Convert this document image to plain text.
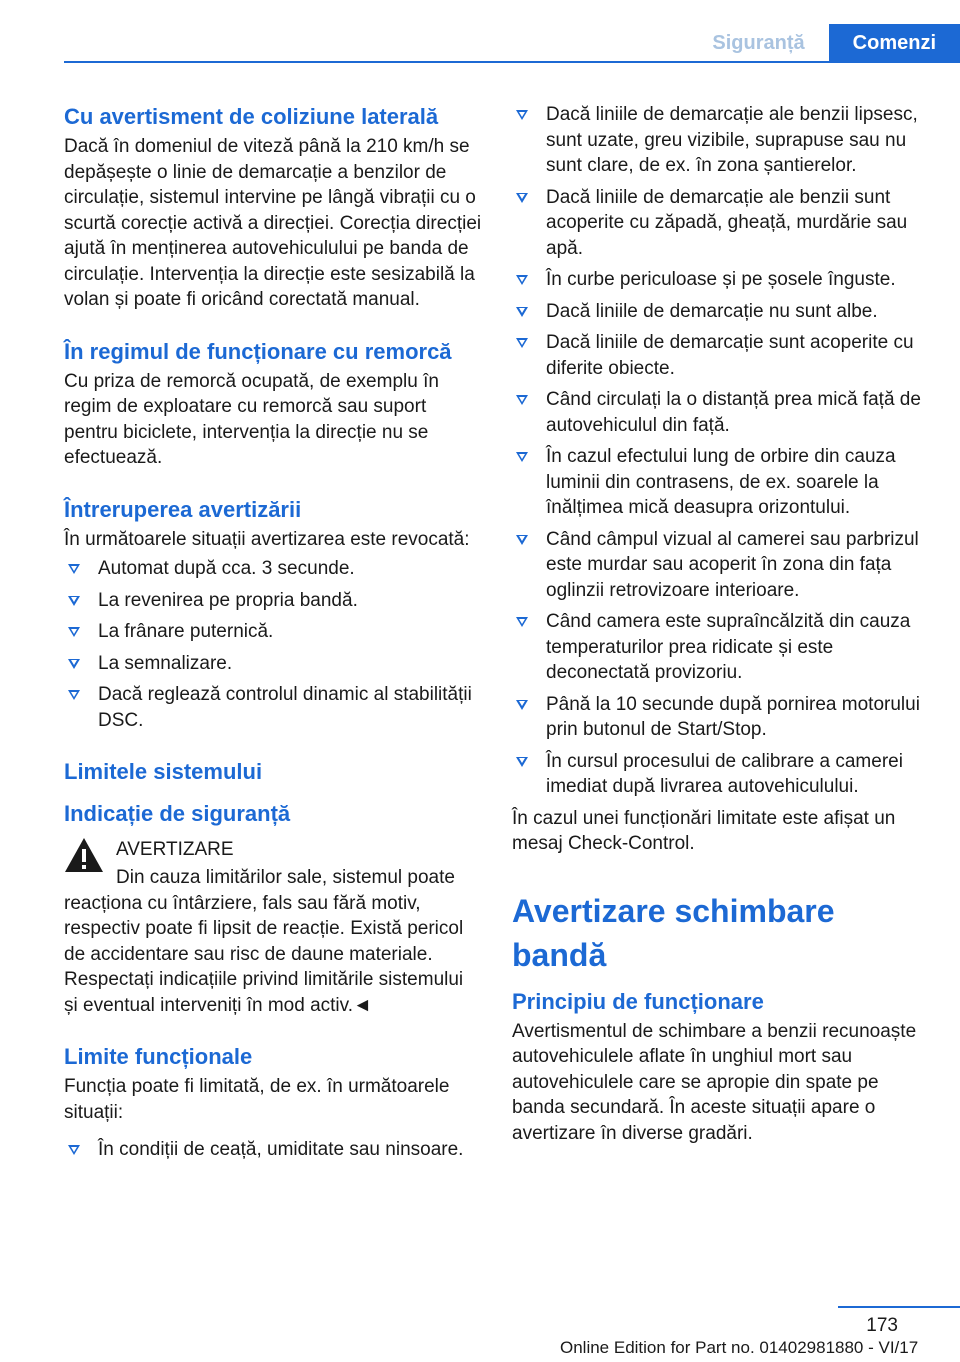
Siguranță	Comenzi
Cu avertisment de coliziune laterală

Dacă în domeniul de viteză până la 210 km/h se depășește o linie de demarcație a benzilor de circulație, sistemul intervine pe lângă vibrații cu o scurtă corecție activă a direcției. Corecția direcției ajută în menținerea autovehiculului pe banda de circulație. Intervenția la direcție este sesizabilă la volan și poate fi oricând corectată manual.

În regimul de funcționare cu remorcă

Cu priza de remorcă ocupată, de exemplu în regim de exploatare cu remorcă sau suport pentru biciclete, intervenția la direcție nu se efectuează.

Întreruperea avertizării

În următoarele situații avertizarea este revocată:

Automat după cca. 3 secunde.
La revenirea pe propria bandă.
La frânare puternică.
La semnalizare.
Dacă reglează controlul dinamic al stabilității DSC.
Limitele sistemului
Indicație de siguranță
AVERTIZARE

Din cauza limitărilor sale, sistemul poate
reacționa cu întârziere, fals sau fără motiv, respectiv poate fi lipsit de reacție. Există pericol de accidentare sau risc de daune materiale. Respectați indicațiile privind limitările sistemului și eventual interveniți în mod activ.◄

Limite funcționale

Funcția poate fi limitată, de ex. în următoarele situații:

În condiții de ceață, umiditate sau ninsoare.
Dacă liniile de demarcație ale benzii lipsesc, sunt uzate, greu vizibile, suprapuse sau nu sunt clare, de ex. în zona șantierelor.
Dacă liniile de demarcație ale benzii sunt acoperite cu zăpadă, gheață, murdărie sau apă.
În curbe periculoase și pe șosele înguste.
Dacă liniile de demarcație nu sunt albe.
Dacă liniile de demarcație sunt acoperite cu diferite obiecte.
Când circulați la o distanță prea mică față de autovehiculul din față.
În cazul efectului lung de orbire din cauza luminii din contrasens, de ex. soarele la înălțimea mică deasupra orizontului.
Când câmpul vizual al camerei sau parbrizul este murdar sau acoperit în zona din fața oglinzii retrovizoare interioare.
Când camera este supraîncălzită din cauza temperaturilor prea ridicate și este deconectată provizoriu.
Până la 10 secunde după pornirea motorului prin butonul de Start/Stop.
În cursul procesului de calibrare a camerei imediat după livrarea autovehiculului.

În cazul unei funcționări limitate este afișat un mesaj Check-Control.

Avertizare schimbare bandă
Principiu de funcționare

Avertismentul de schimbare a benzii recunoaște autovehiculele aflate în unghiul mort sau autovehiculele care se apropie din spate pe banda secundară. În aceste situații apare o avertizare în diverse gradări.

173
Online Edition for Part no. 01402981880 - VI/17
